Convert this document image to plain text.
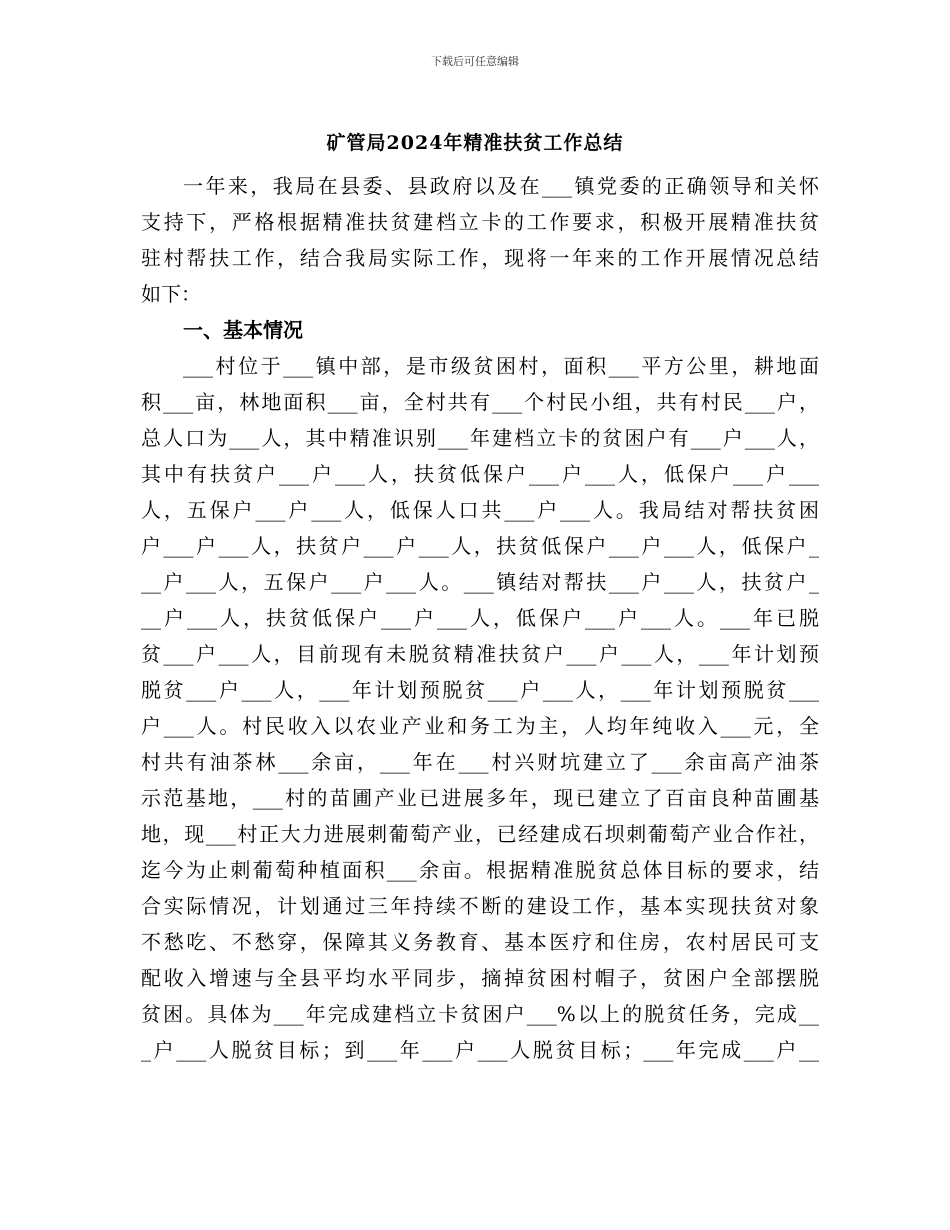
下载后可任意编辑
矿管局2024年精准扶贫工作总结
一年来，我局在县委、县政府以及在___镇党委的正确领导和关怀
支持下，严格根据精准扶贫建档立卡的工作要求，积极开展精准扶贫
驻村帮扶工作，结合我局实际工作，现将一年来的工作开展情况总结
如下：
一、基本情况
___村位于___镇中部，是市级贫困村，面积___平方公里，耕地面
积___亩，林地面积___亩，全村共有___个村民小组，共有村民___户，
总人口为___人，其中精准识别___年建档立卡的贫困户有___户___人，
其中有扶贫户___户___人，扶贫低保户___户___人，低保户___户___
人，五保户___户___人，低保人口共___户___人。我局结对帮扶贫困
户___户___人，扶贫户___户___人，扶贫低保户___户___人，低保户_
__户___人，五保户___户___人。___镇结对帮扶___户___人，扶贫户_
__户___人，扶贫低保户___户___人，低保户___户___人。___年已脱
贫___户___人，目前现有未脱贫精准扶贫户___户___人，___年计划预
脱贫___户___人，___年计划预脱贫___户___人，___年计划预脱贫___
户___人。村民收入以农业产业和务工为主，人均年纯收入___元，全
村共有油茶林___余亩，___年在___村兴财坑建立了___余亩高产油茶
示范基地，___村的苗圃产业已进展多年，现已建立了百亩良种苗圃基
地，现___村正大力进展刺葡萄产业，已经建成石坝刺葡萄产业合作社，
迄今为止刺葡萄种植面积___余亩。根据精准脱贫总体目标的要求，结
合实际情况，计划通过三年持续不断的建设工作，基本实现扶贫对象
不愁吃、不愁穿，保障其义务教育、基本医疗和住房，农村居民可支
配收入增速与全县平均水平同步，摘掉贫困村帽子，贫困户全部摆脱
贫困。具体为___年完成建档立卡贫困户___%以上的脱贫任务，完成__
_户___人脱贫目标；到___年___户___人脱贫目标；___年完成___户__
